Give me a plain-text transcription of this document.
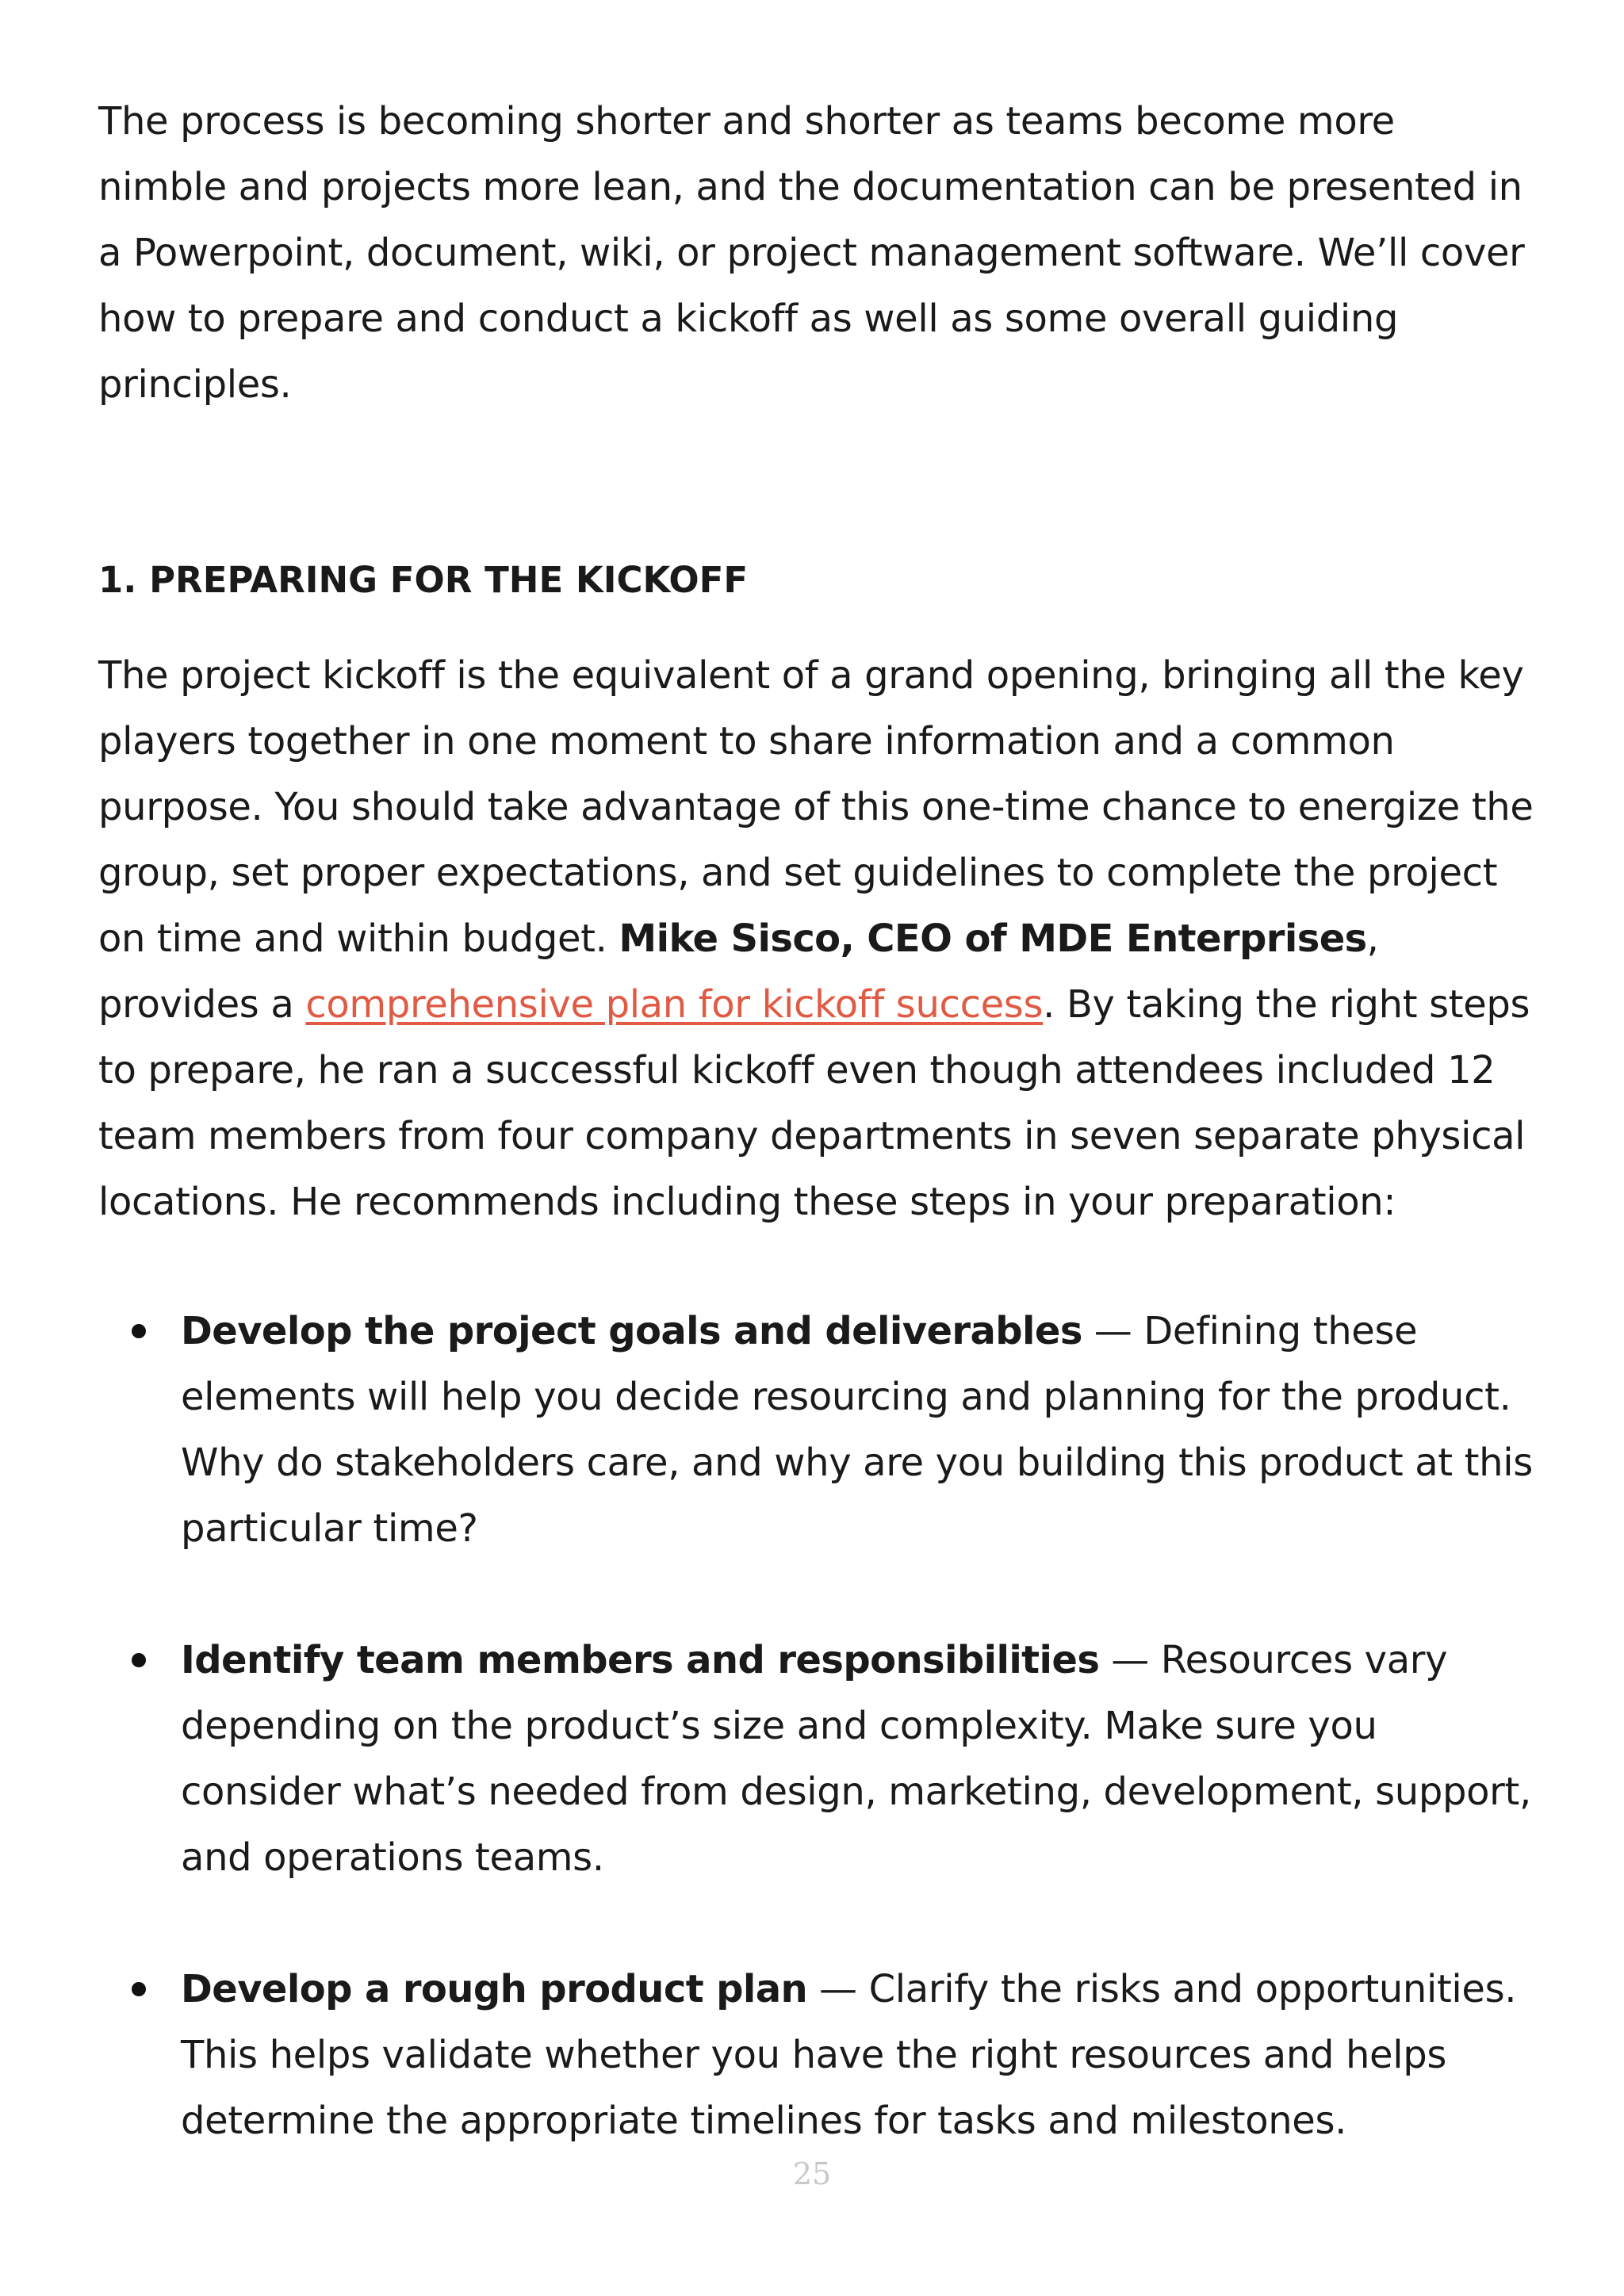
The process is becoming shorter and shorter as teams become more nimble and projects more lean, and the documentation can be presented in a Powerpoint, document, wiki, or project management software. We’ll cover how to prepare and conduct a kickoff as well as some overall guiding principles.

1. PREPARING FOR THE KICKOFF

The project kickoff is the equivalent of a grand opening, bringing all the key players together in one moment to share information and a common purpose. You should take advantage of this one-time chance to energize the group, set proper expectations, and set guidelines to complete the project on time and within budget. Mike Sisco, CEO of MDE Enterprises, provides a comprehensive plan for kickoff success. By taking the right steps to prepare, he ran a successful kickoff even though attendees included 12 team members from four company departments in seven separate physical locations. He recommends including these steps in your preparation:

Develop the project goals and deliverables — Defining these elements will help you decide resourcing and planning for the product. Why do stakeholders care, and why are you building this product at this particular time?
Identify team members and responsibilities — Resources vary depending on the product’s size and complexity. Make sure you consider what’s needed from design, marketing, development, support, and operations teams.
Develop a rough product plan — Clarify the risks and opportunities. This helps validate whether you have the right resources and helps determine the appropriate timelines for tasks and milestones.
25
